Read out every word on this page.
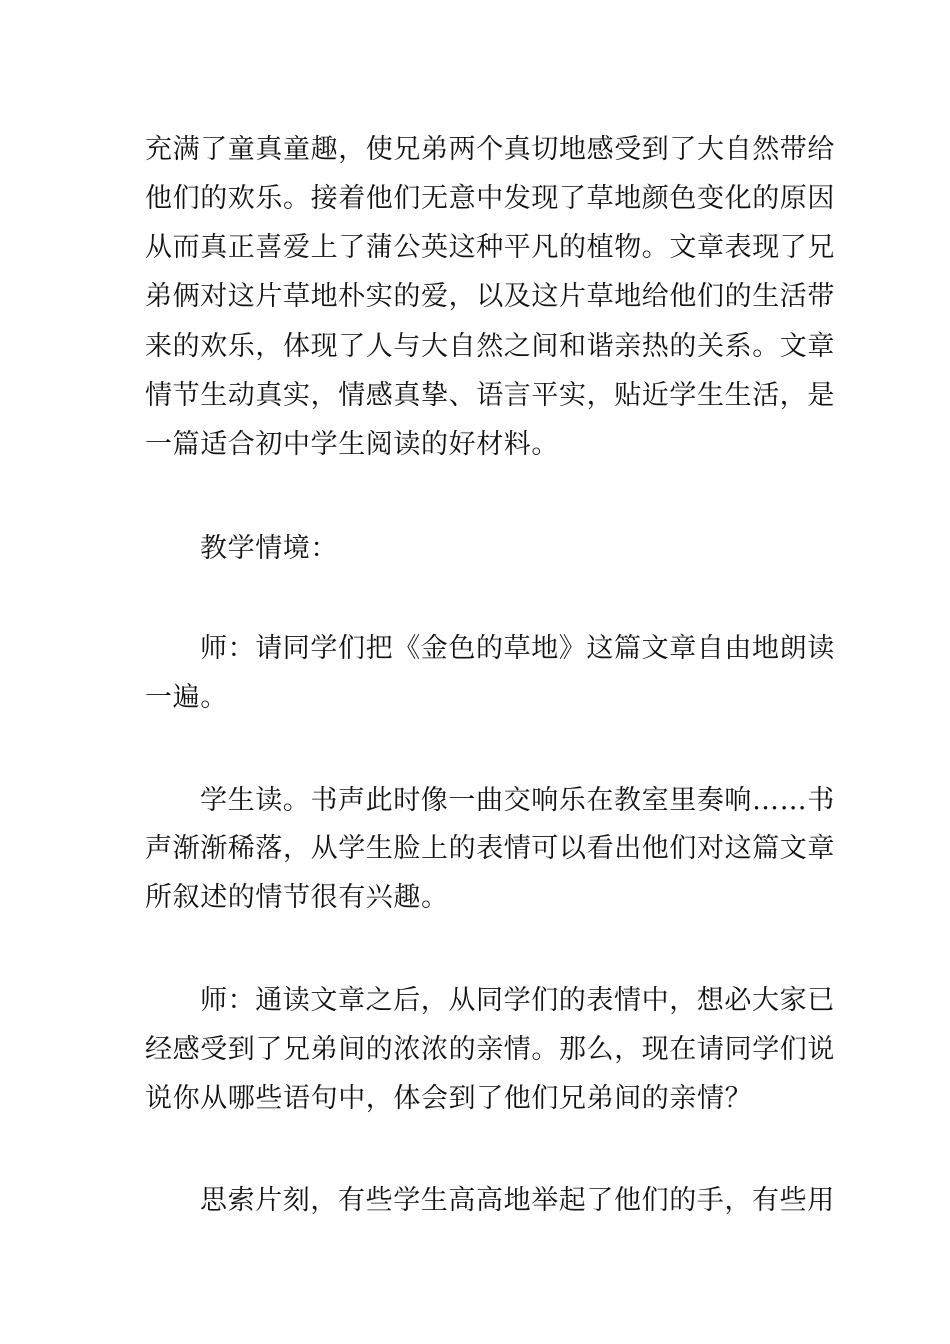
充满了童真童趣，使兄弟两个真切地感受到了大自然带给
他们的欢乐。接着他们无意中发现了草地颜色变化的原因
从而真正喜爱上了蒲公英这种平凡的植物。文章表现了兄
弟俩对这片草地朴实的爱，以及这片草地给他们的生活带
来的欢乐，体现了人与大自然之间和谐亲热的关系。文章
情节生动真实，情感真挚、语言平实，贴近学生生活，是
一篇适合初中学生阅读的好材料。
教学情境：
师：请同学们把《金色的草地》这篇文章自由地朗读
一遍。
学生读。书声此时像一曲交响乐在教室里奏响……书
声渐渐稀落，从学生脸上的表情可以看出他们对这篇文章
所叙述的情节很有兴趣。
师：通读文章之后，从同学们的表情中，想必大家已
经感受到了兄弟间的浓浓的亲情。那么，现在请同学们说
说你从哪些语句中，体会到了他们兄弟间的亲情？
思索片刻，有些学生高高地举起了他们的手，有些用
